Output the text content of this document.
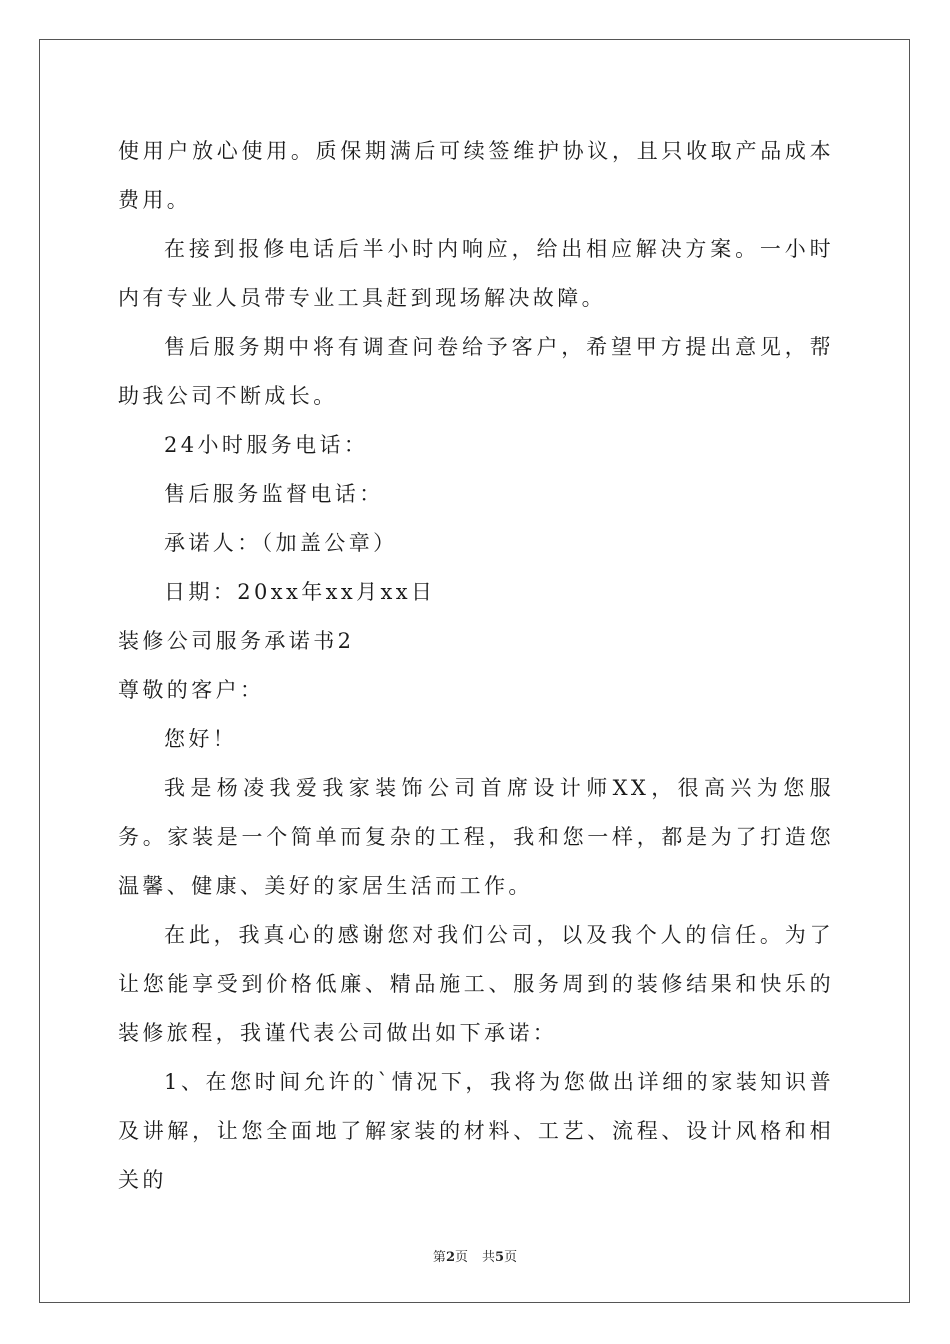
使用户放心使用。质保期满后可续签维护协议，且只收取产品成本费用。

在接到报修电话后半小时内响应，给出相应解决方案。一小时内有专业人员带专业工具赶到现场解决故障。

售后服务期中将有调查问卷给予客户，希望甲方提出意见，帮助我公司不断成长。

24小时服务电话：

售后服务监督电话：

承诺人：（加盖公章）

日期：20xx年xx月xx日

装修公司服务承诺书2

尊敬的客户：

您好！

我是杨凌我爱我家装饰公司首席设计师XX，很高兴为您服务。家装是一个简单而复杂的工程，我和您一样，都是为了打造您温馨、健康、美好的家居生活而工作。

在此，我真心的感谢您对我们公司，以及我个人的信任。为了让您能享受到价格低廉、精品施工、服务周到的装修结果和快乐的装修旅程，我谨代表公司做出如下承诺：

1、在您时间允许的`情况下，我将为您做出详细的家装知识普及讲解，让您全面地了解家装的材料、工艺、流程、设计风格和相关的

第2页 共5页
